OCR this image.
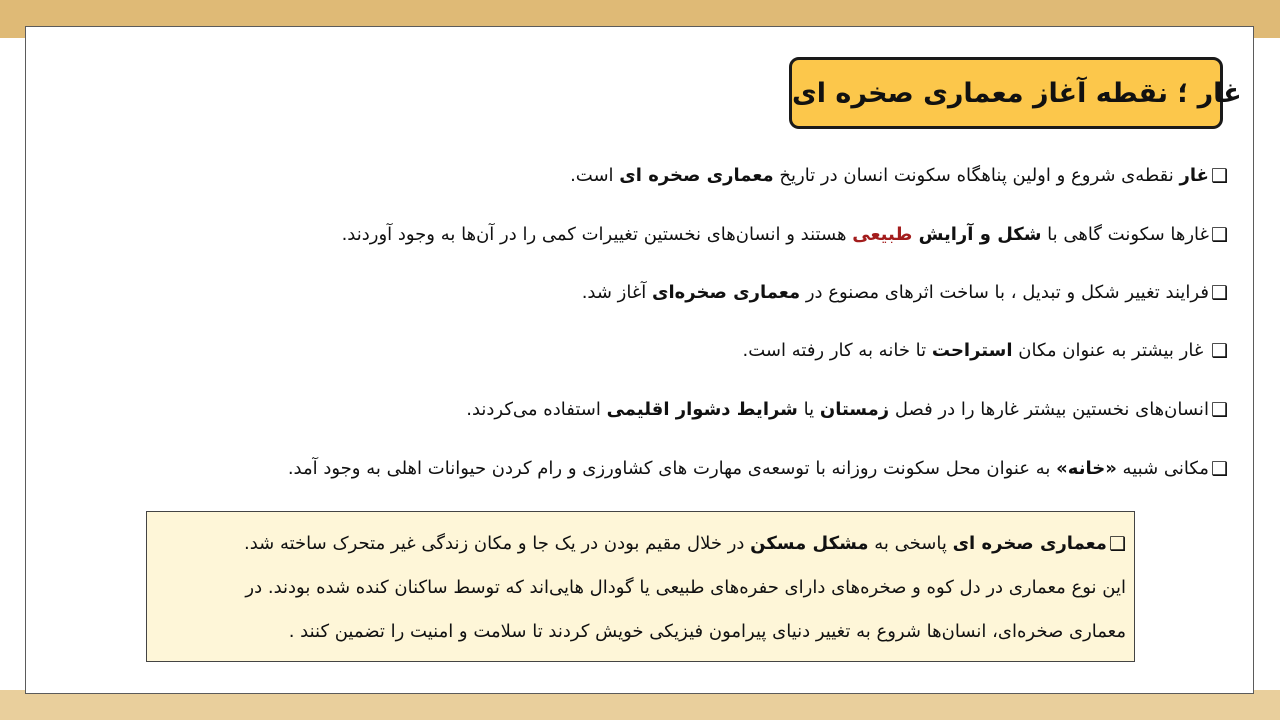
غار ؛ نقطه آغاز معماری صخره ای
❑غار نقطه‌ی شروع و اولین پناهگاه سکونت انسان در تاریخ معماری صخره ای است.
❑غارها سکونت گاهی با شکل و آرایش طبیعی هستند و انسان‌های نخستین تغییرات کمی را در آن‌ها به وجود آوردند.
❑فرایند تغییر شکل و تبدیل ، با ساخت اثرهای مصنوع در معماری صخره‌ای آغاز شد.
❑ غار بیشتر به عنوان مکان استراحت تا خانه به کار رفته است.
❑انسان‌های نخستین بیشتر غارها را در فصل زمستان یا شرایط دشوار اقلیمی استفاده می‌کردند.
❑مکانی شبیه «خانه» به عنوان محل سکونت روزانه با توسعه‌ی مهارت های کشاورزی و رام کردن حیوانات اهلی به وجود آمد.
❑معماری صخره ای پاسخی به مشکل مسکن در خلال مقیم بودن در یک جا و مکان زندگی غیر متحرک ساخته شد.
این نوع معماری در دل کوه و صخره‌های دارای حفره‌های طبیعی یا گودال هایی‌اند که توسط ساکنان کنده شده بودند. در
معماری صخره‌ای، انسان‌ها شروع به تغییر دنیای پیرامون فیزیکی خویش کردند تا سلامت و امنیت را تضمین کنند .
